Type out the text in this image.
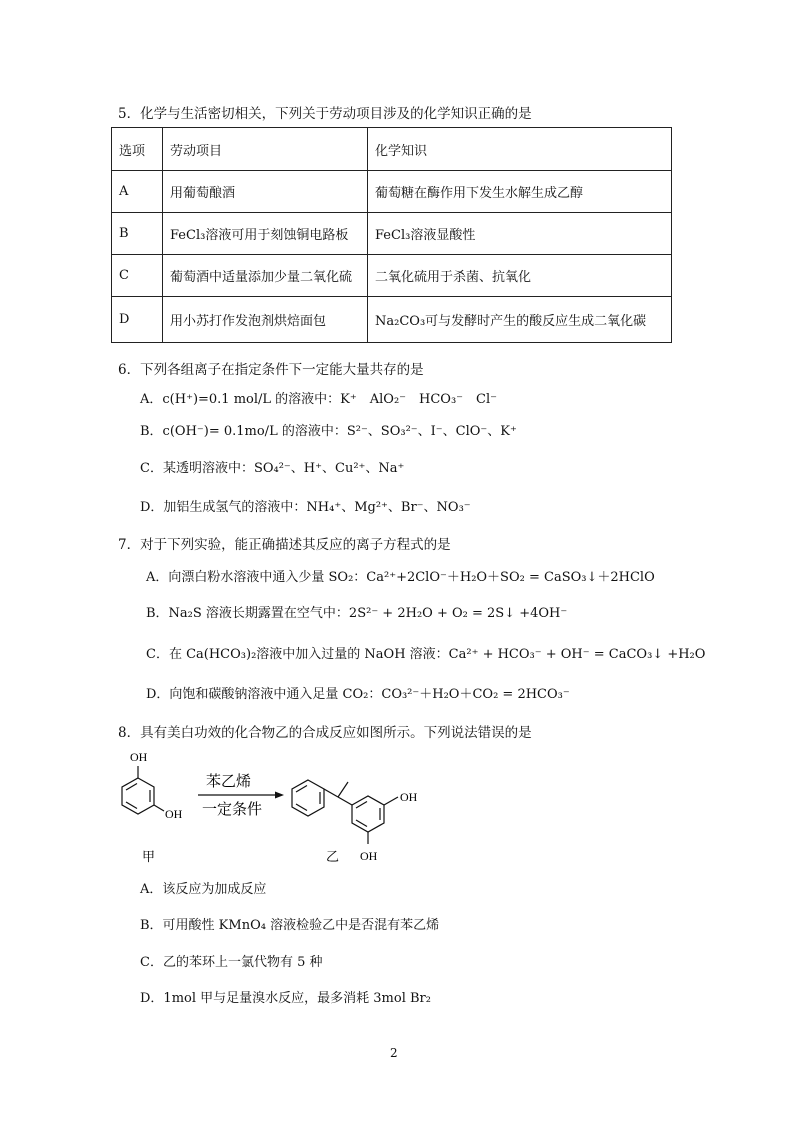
5．化学与生活密切相关，下列关于劳动项目涉及的化学知识正确的是
选项	劳动项目	化学知识
A	用葡萄酿酒	葡萄糖在酶作用下发生水解生成乙醇
B	FeCl₃溶液可用于刻蚀铜电路板	FeCl₃溶液显酸性
C	葡萄酒中适量添加少量二氧化硫	二氧化硫用于杀菌、抗氧化
D	用小苏打作发泡剂烘焙面包	Na₂CO₃可与发酵时产生的酸反应生成二氧化碳
6．下列各组离子在指定条件下一定能大量共存的是
A．c(H⁺)=0.1 mol/L 的溶液中：K⁺　AlO₂⁻　HCO₃⁻　Cl⁻
B．c(OH⁻)= 0.1mo/L 的溶液中：S²⁻、SO₃²⁻、I⁻、ClO⁻、K⁺
C．某透明溶液中：SO₄²⁻、H⁺、Cu²⁺、Na⁺
D．加铝生成氢气的溶液中：NH₄⁺、Mg²⁺、Br⁻、NO₃⁻
7．对于下列实验，能正确描述其反应的离子方程式的是
A．向漂白粉水溶液中通入少量 SO₂：Ca²⁺+2ClO⁻＋H₂O＋SO₂ = CaSO₃↓＋2HClO
B．Na₂S 溶液长期露置在空气中：2S²⁻ + 2H₂O + O₂ = 2S↓ +4OH⁻
C．在 Ca(HCO₃)₂溶液中加入过量的 NaOH 溶液：Ca²⁺ + HCO₃⁻ + OH⁻ = CaCO₃↓ +H₂O
D．向饱和碳酸钠溶液中通入足量 CO₂：CO₃²⁻＋H₂O＋CO₂ = 2HCO₃⁻
8．具有美白功效的化合物乙的合成反应如图所示。下列说法错误的是
OH
OH
苯乙烯
一定条件
OH
OH
甲	乙
A．该反应为加成反应
B．可用酸性 KMnO₄ 溶液检验乙中是否混有苯乙烯
C．乙的苯环上一氯代物有 5 种
D．1mol 甲与足量溴水反应，最多消耗 3mol Br₂
2
